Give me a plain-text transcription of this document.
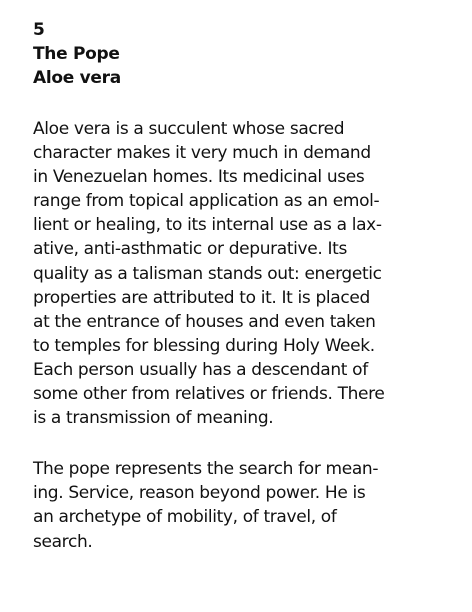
5
The Pope
Aloe vera
Aloe vera is a succulent whose sacred
character makes it very much in demand
in Venezuelan homes. Its medicinal uses
range from topical application as an emol-
lient or healing, to its internal use as a lax-
ative, anti-asthmatic or depurative. Its
quality as a talisman stands out: energetic
properties are attributed to it. It is placed
at the entrance of houses and even taken
to temples for blessing during Holy Week.
Each person usually has a descendant of
some other from relatives or friends. There
is a transmission of meaning.
The pope represents the search for mean-
ing. Service, reason beyond power. He is
an archetype of mobility, of travel, of
search.
